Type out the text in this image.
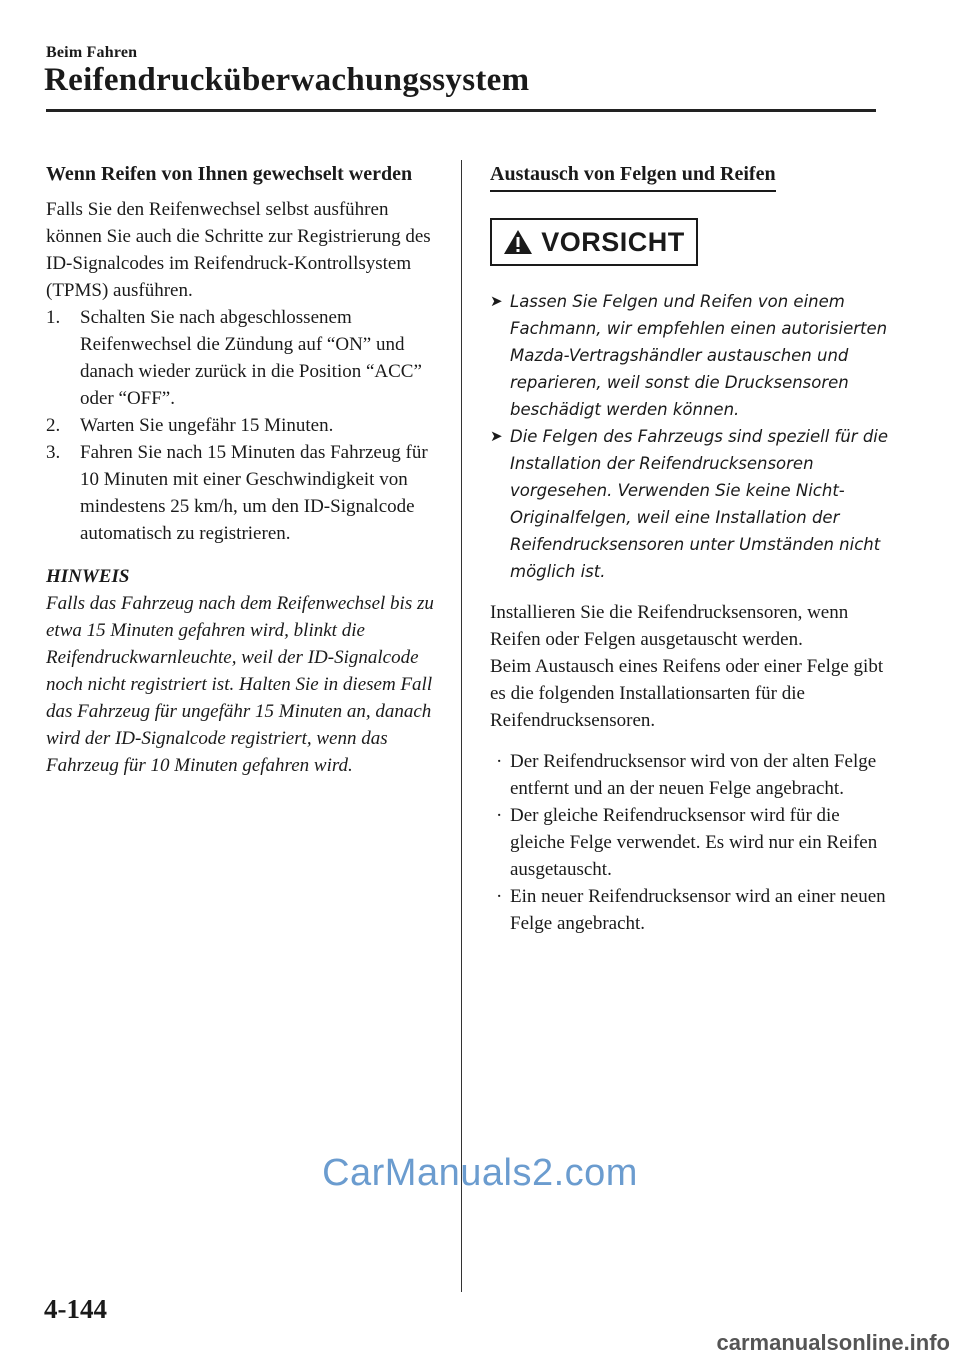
Beim Fahren
Reifendrucküberwachungssystem
Wenn Reifen von Ihnen gewechselt werden

Falls Sie den Reifenwechsel selbst ausführen können Sie auch die Schritte zur Registrierung des ID-Signalcodes im Reifendruck-Kontrollsystem (TPMS) ausführen.

1. Schalten Sie nach abgeschlossenem Reifenwechsel die Zündung auf “ON” und danach wieder zurück in die Position “ACC” oder “OFF”.
2. Warten Sie ungefähr 15 Minuten.
3. Fahren Sie nach 15 Minuten das Fahrzeug für 10 Minuten mit einer Geschwindigkeit von mindestens 25 km/h, um den ID-Signalcode automatisch zu registrieren.
HINWEIS
Falls das Fahrzeug nach dem Reifenwechsel bis zu etwa 15 Minuten gefahren wird, blinkt die Reifendruckwarnleuchte, weil der ID-Signalcode noch nicht registriert ist. Halten Sie in diesem Fall das Fahrzeug für ungefähr 15 Minuten an, danach wird der ID-Signalcode registriert, wenn das Fahrzeug für 10 Minuten gefahren wird.
Austausch von Felgen und Reifen
VORSICHT
➤ Lassen Sie Felgen und Reifen von einem Fachmann, wir empfehlen einen autorisierten Mazda-Vertragshändler austauschen und reparieren, weil sonst die Drucksensoren beschädigt werden können.
➤ Die Felgen des Fahrzeugs sind speziell für die Installation der Reifendrucksensoren vorgesehen. Verwenden Sie keine Nicht-Originalfelgen, weil eine Installation der Reifendrucksensoren unter Umständen nicht möglich ist.

Installieren Sie die Reifendrucksensoren, wenn Reifen oder Felgen ausgetauscht werden.

Beim Austausch eines Reifens oder einer Felge gibt es die folgenden Installationsarten für die Reifendrucksensoren.

· Der Reifendrucksensor wird von der alten Felge entfernt und an der neuen Felge angebracht.
· Der gleiche Reifendrucksensor wird für die gleiche Felge verwendet. Es wird nur ein Reifen ausgetauscht.
· Ein neuer Reifendrucksensor wird an einer neuen Felge angebracht.
CarManuals2.com
4-144
carmanualsonline.info
